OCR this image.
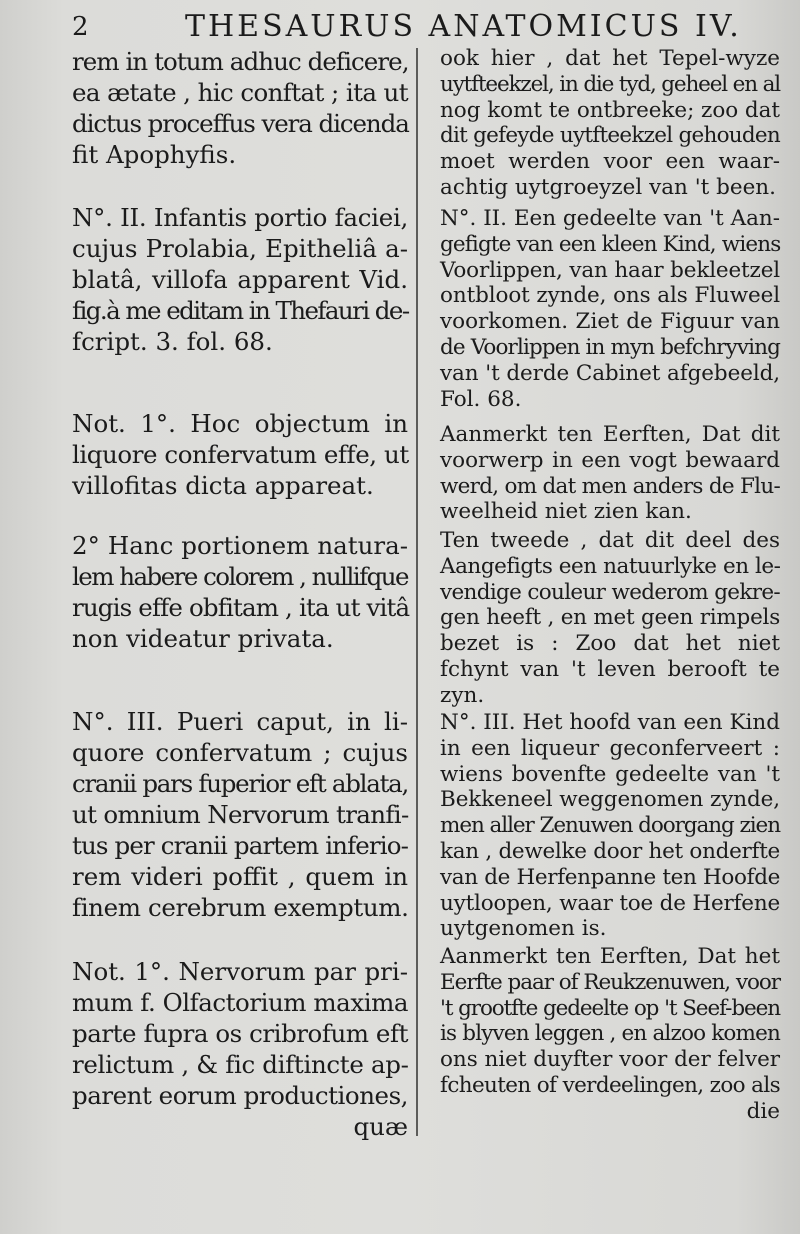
2	THESAURUS ANATOMICUS IV.
rem in totum adhuc deficere,
ea ætate , hic conftat ; ita ut
dictus proceffus vera dicenda
fit Apophyfis.
N°. II. Infantis portio faciei,
cujus Prolabia, Epitheliâ a-
blatâ, villofa apparent Vid.
fig.à me editam in Thefauri de-
fcript. 3. fol. 68.
Not. 1°. Hoc objectum in
liquore confervatum effe, ut
villofitas dicta appareat.
2° Hanc portionem natura-
lem habere colorem , nullifque
rugis effe obfitam , ita ut vitâ
non videatur privata.
N°. III. Pueri caput, in li-
quore confervatum ; cujus
cranii pars fuperior eft ablata,
ut omnium Nervorum tranfi-
tus per cranii partem inferio-
rem videri poffit , quem in
finem cerebrum exemptum.
Not. 1°. Nervorum par pri-
mum f. Olfactorium maxima
parte fupra os cribrofum eft
relictum , & fic diftincte ap-
parent eorum productiones,
quæ
ook hier , dat het Tepel-wyze
uytfteekzel, in die tyd, geheel en al
nog komt te ontbreeke; zoo dat
dit gefeyde uytfteekzel gehouden
moet werden voor een waar-
achtig uytgroeyzel van 't been.
N°. II. Een gedeelte van 't Aan-
gefigte van een kleen Kind, wiens
Voorlippen, van haar bekleetzel
ontbloot zynde, ons als Fluweel
voorkomen. Ziet de Figuur van
de Voorlippen in myn befchryving
van 't derde Cabinet afgebeeld,
Fol. 68.
Aanmerkt ten Eerften, Dat dit
voorwerp in een vogt bewaard
werd, om dat men anders de Flu-
weelheid niet zien kan.
Ten tweede , dat dit deel des
Aangefigts een natuurlyke en le-
vendige couleur wederom gekre-
gen heeft , en met geen rimpels
bezet is : Zoo dat het niet
fchynt van 't leven berooft te
zyn.
N°. III. Het hoofd van een Kind
in een liqueur geconferveert :
wiens bovenfte gedeelte van 't
Bekkeneel weggenomen zynde,
men aller Zenuwen doorgang zien
kan , dewelke door het onderfte
van de Herfenpanne ten Hoofde
uytloopen, waar toe de Herfene
uytgenomen is.
Aanmerkt ten Eerften, Dat het
Eerfte paar of Reukzenuwen, voor
't grootfte gedeelte op 't Seef-been
is blyven leggen , en alzoo komen
ons niet duyfter voor der felver
fcheuten of verdeelingen, zoo als
die
